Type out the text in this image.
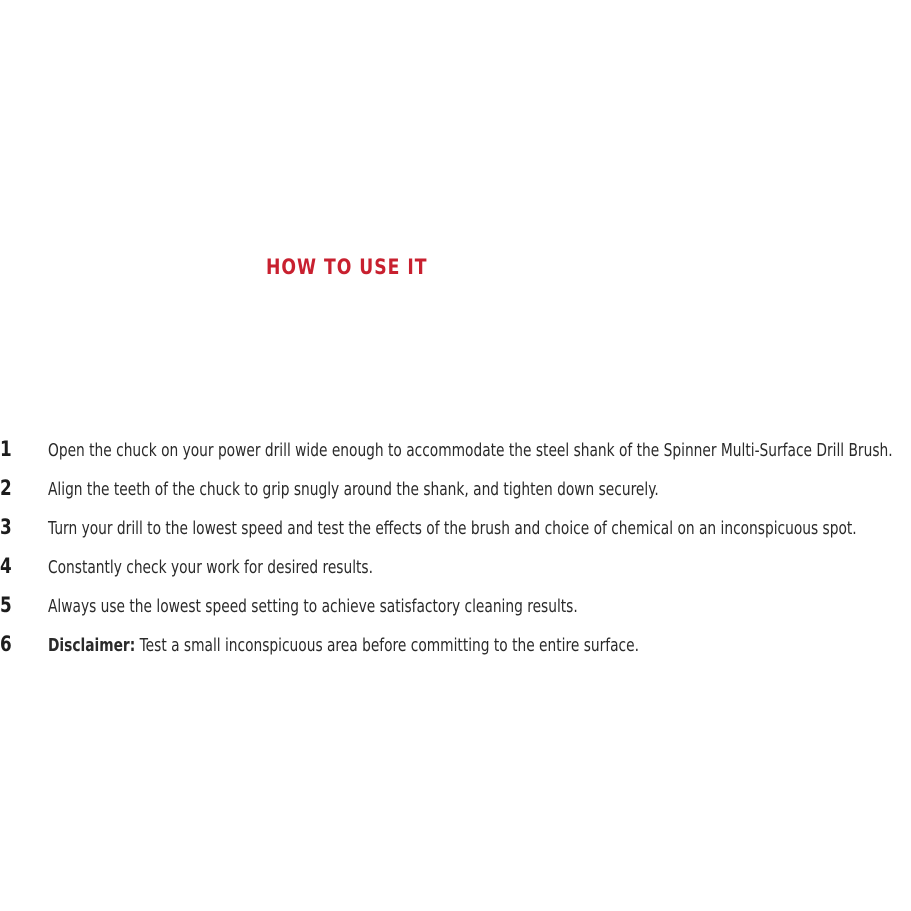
HOW TO USE IT
1	Open the chuck on your power drill wide enough to accommodate the steel shank of the Spinner Multi-Surface Drill Brush.
2	Align the teeth of the chuck to grip snugly around the shank, and tighten down securely.
3	Turn your drill to the lowest speed and test the effects of the brush and choice of chemical on an inconspicuous spot.
4	Constantly check your work for desired results.
5	Always use the lowest speed setting to achieve satisfactory cleaning results.
6	Disclaimer: Test a small inconspicuous area before committing to the entire surface.
